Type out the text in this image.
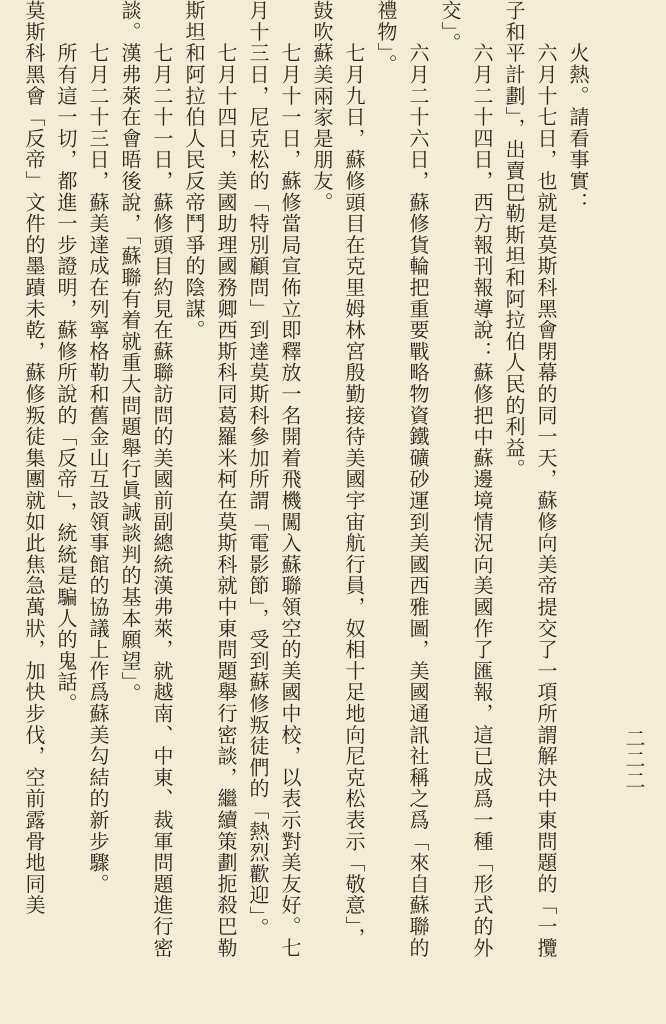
二二二
　　火熱。請看事實：
　　六月十七日，也就是莫斯科黑會閉幕的同一天，蘇修向美帝提交了一項所謂解決中東問題的「一攬
子和平計劃」，出賣巴勒斯坦和阿拉伯人民的利益。
　　六月二十四日，西方報刊報導說：蘇修把中蘇邊境情況向美國作了匯報，這已成爲一種「形式的外
交」。
　　六月二十六日，蘇修貨輪把重要戰略物資鐵礦砂運到美國西雅圖，美國通訊社稱之爲「來自蘇聯的
禮物」。
　　七月九日，蘇修頭目在克里姆林宮殷勤接待美國宇宙航行員，奴相十足地向尼克松表示「敬意」，
鼓吹蘇美兩家是朋友。
　　七月十一日，蘇修當局宣佈立即釋放一名開着飛機闖入蘇聯領空的美國中校，以表示對美友好。七
月十三日，尼克松的「特別顧問」到達莫斯科參加所謂「電影節」，受到蘇修叛徒們的「熱烈歡迎」。
　　七月十四日，美國助理國務卿西斯科同葛羅米柯在莫斯科就中東問題舉行密談，繼續策劃扼殺巴勒
斯坦和阿拉伯人民反帝鬥爭的陰謀。
　　七月二十一日，蘇修頭目約見在蘇聯訪問的美國前副總統漢弗萊，就越南、中東、裁軍問題進行密
談。漢弗萊在會晤後說，「蘇聯有着就重大問題舉行眞誠談判的基本願望」。
　　七月二十三日，蘇美達成在列寧格勒和舊金山互設領事館的協議上作爲蘇美勾結的新步驟。
　　所有這一切，都進一步證明，蘇修所說的「反帝」，統統是騙人的鬼話。
莫斯科黑會「反帝」文件的墨蹟未乾，蘇修叛徒集團就如此焦急萬狀，加快步伐，空前露骨地同美
